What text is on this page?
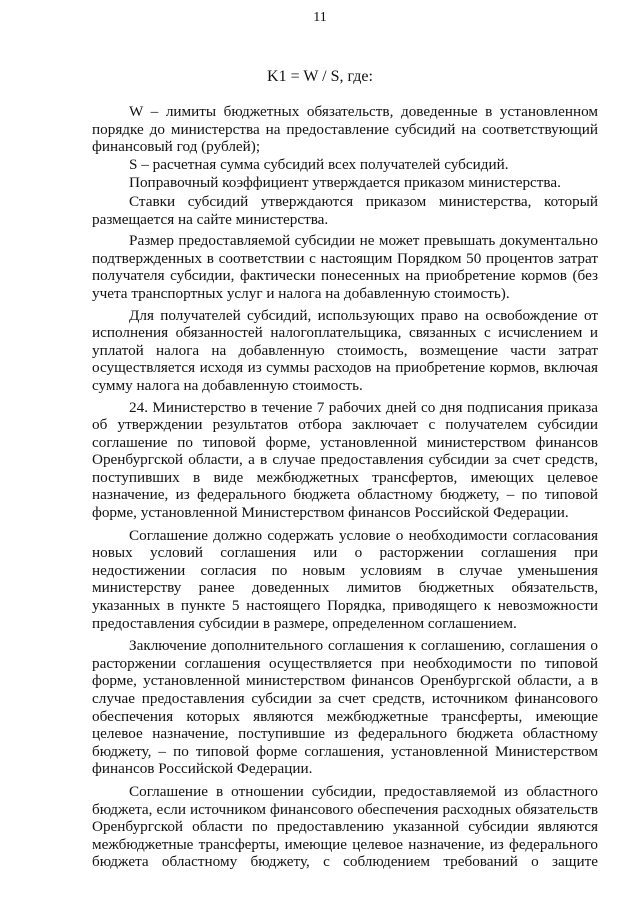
11
K1 = W / S, где:

W – лимиты бюджетных обязательств, доведенные в установленном порядке до министерства на предоставление субсидий на соответствующий финансовый год (рублей);

S – расчетная сумма субсидий всех получателей субсидий.

Поправочный коэффициент утверждается приказом министерства.

Ставки субсидий утверждаются приказом министерства, который размещается на сайте министерства.

Размер предоставляемой субсидии не может превышать документально подтвержденных в соответствии с настоящим Порядком 50 процентов затрат получателя субсидии, фактически понесенных на приобретение кормов (без учета транспортных услуг и налога на добавленную стоимость).

Для получателей субсидий, использующих право на освобождение от исполнения обязанностей налогоплательщика, связанных с исчислением и уплатой налога на добавленную стоимость, возмещение части затрат осуществляется исходя из суммы расходов на приобретение кормов, включая сумму налога на добавленную стоимость.

24. Министерство в течение 7 рабочих дней со дня подписания приказа об утверждении результатов отбора заключает с получателем субсидии соглашение по типовой форме, установленной министерством финансов Оренбургской области, а в случае предоставления субсидии за счет средств, поступивших в виде межбюджетных трансфертов, имеющих целевое назначение, из федерального бюджета областному бюджету, – по типовой форме, установленной Министерством финансов Российской Федерации.

Соглашение должно содержать условие о необходимости согласования новых условий соглашения или о расторжении соглашения при недостижении согласия по новым условиям в случае уменьшения министерству ранее доведенных лимитов бюджетных обязательств, указанных в пункте 5 настоящего Порядка, приводящего к невозможности предоставления субсидии в размере, определенном соглашением.

Заключение дополнительного соглашения к соглашению, соглашения о расторжении соглашения осуществляется при необходимости по типовой форме, установленной министерством финансов Оренбургской области, а в случае предоставления субсидии за счет средств, источником финансового обеспечения которых являются межбюджетные трансферты, имеющие целевое назначение, поступившие из федерального бюджета областному бюджету, – по типовой форме соглашения, установленной Министерством финансов Российской Федерации.

Соглашение в отношении субсидии, предоставляемой из областного бюджета, если источником финансового обеспечения расходных обязательств Оренбургской области по предоставлению указанной субсидии являются межбюджетные трансферты, имеющие целевое назначение, из федерального бюджета областному бюджету, с соблюдением требований о защите
